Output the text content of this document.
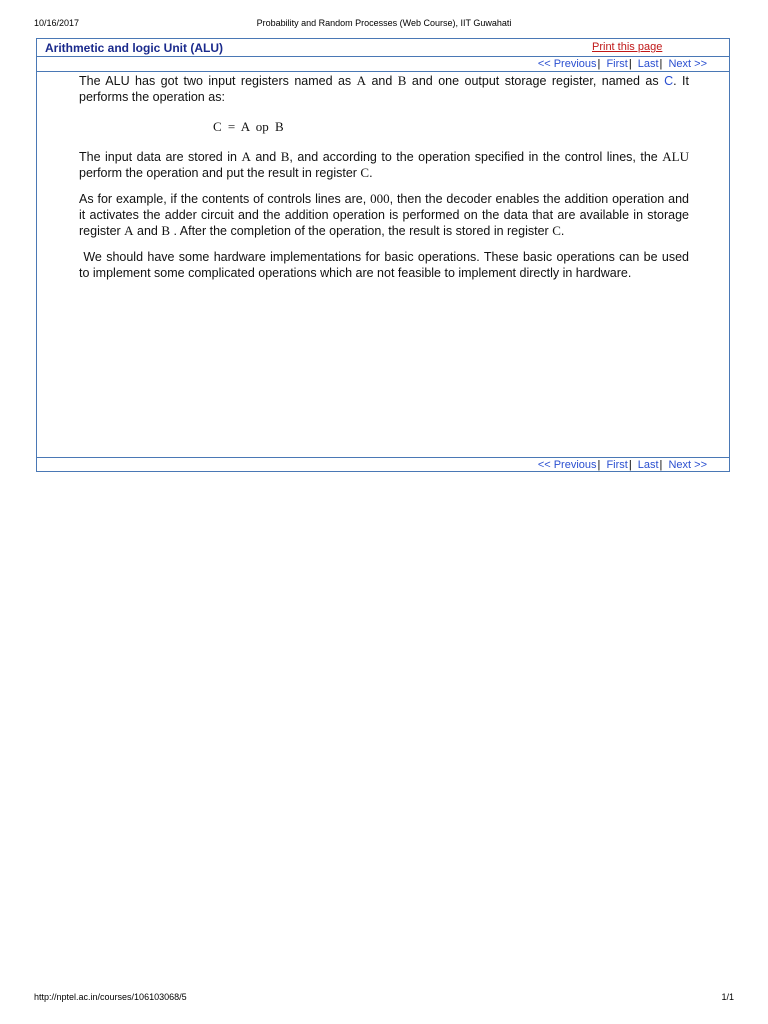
10/16/2017	Probability and Random Processes (Web Course), IIT Guwahati
Arithmetic and logic Unit (ALU)	Print this page
<< Previous| First| Last| Next >>

The ALU has got two input registers named as A and B and one output storage register, named as C. It performs the operation as:

C = A op B

The input data are stored in A and B, and according to the operation specified in the control lines, the ALU perform the operation and put the result in register C.

As for example, if the contents of controls lines are, 000, then the decoder enables the addition operation and it activates the adder circuit and the addition operation is performed on the data that are available in storage register A and B . After the completion of the operation, the result is stored in register C.

We should have some hardware implementations for basic operations. These basic operations can be used to implement some complicated operations which are not feasible to implement directly in hardware.

<< Previous| First| Last| Next >>
http://nptel.ac.in/courses/106103068/5	1/1
